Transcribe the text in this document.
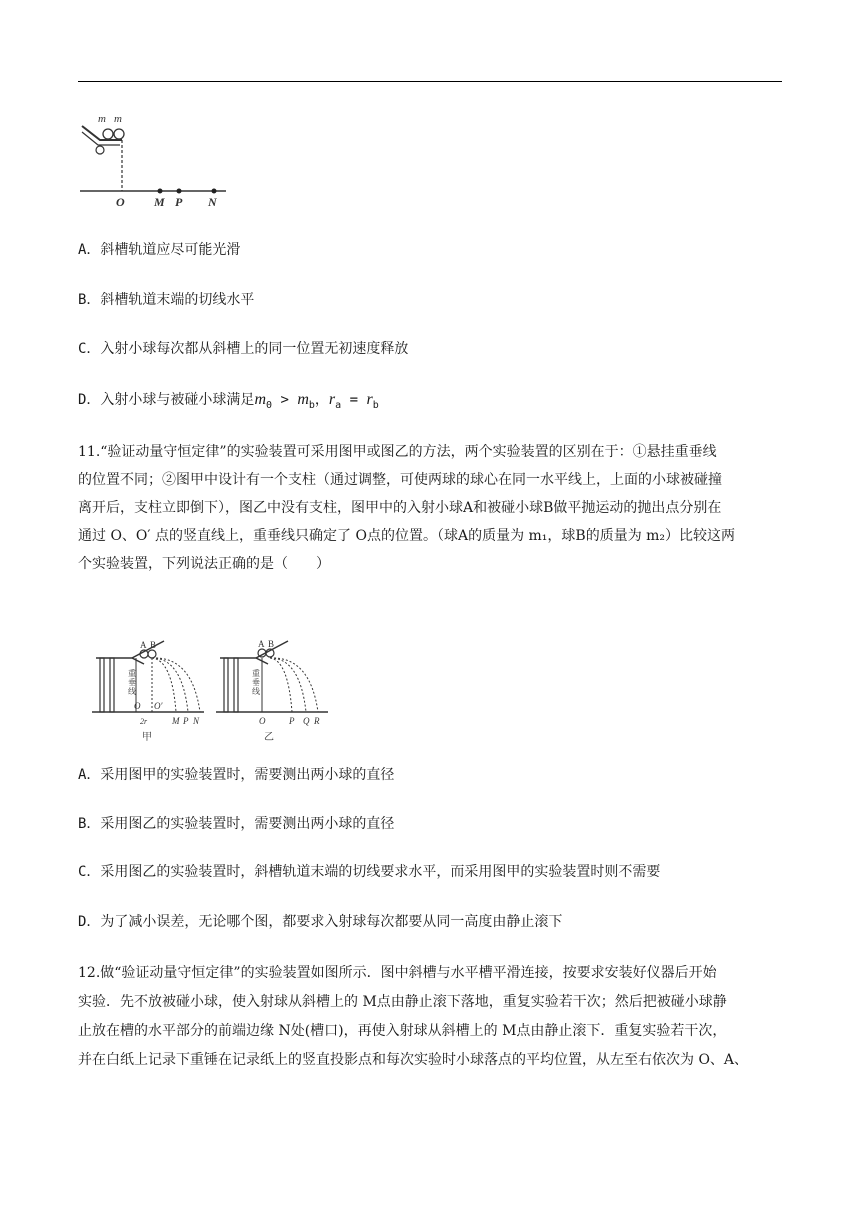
m m
O M P N
A．斜槽轨道应尽可能光滑
B．斜槽轨道末端的切线水平
C．入射小球每次都从斜槽上的同一位置无初速度释放
D．入射小球与被碰小球满足$m_0 > m_b$，$r_a = r_b$
11.“验证动量守恒定律”的实验装置可采用图甲或图乙的方法，两个实验装置的区别在于：①悬挂重垂线
的位置不同；②图甲中设计有一个支柱（通过调整，可使两球的球心在同一水平线上，上面的小球被碰撞
离开后，支柱立即倒下），图乙中没有支柱，图甲中的入射小球A和被碰小球B做平抛运动的抛出点分别在
通过 O、O′ 点的竖直线上，重垂线只确定了 O点的位置。（球A的质量为 m₁，球B的质量为 m₂）比较这两
个实验装置，下列说法正确的是（　　）
A B
重
垂
线
O O′
2r	M P N
甲
A B
重
垂
线
O	P Q R
乙
A．采用图甲的实验装置时，需要测出两小球的直径
B．采用图乙的实验装置时，需要测出两小球的直径
C．采用图乙的实验装置时，斜槽轨道末端的切线要求水平，而采用图甲的实验装置时则不需要
D．为了减小误差，无论哪个图，都要求入射球每次都要从同一高度由静止滚下
12.做“验证动量守恒定律”的实验装置如图所示．图中斜槽与水平槽平滑连接，按要求安装好仪器后开始
实验．先不放被碰小球，使入射球从斜槽上的 M点由静止滚下落地，重复实验若干次；然后把被碰小球静
止放在槽的水平部分的前端边缘 N处(槽口)，再使入射球从斜槽上的 M点由静止滚下．重复实验若干次，
并在白纸上记录下重锤在记录纸上的竖直投影点和每次实验时小球落点的平均位置，从左至右依次为 O、A、
